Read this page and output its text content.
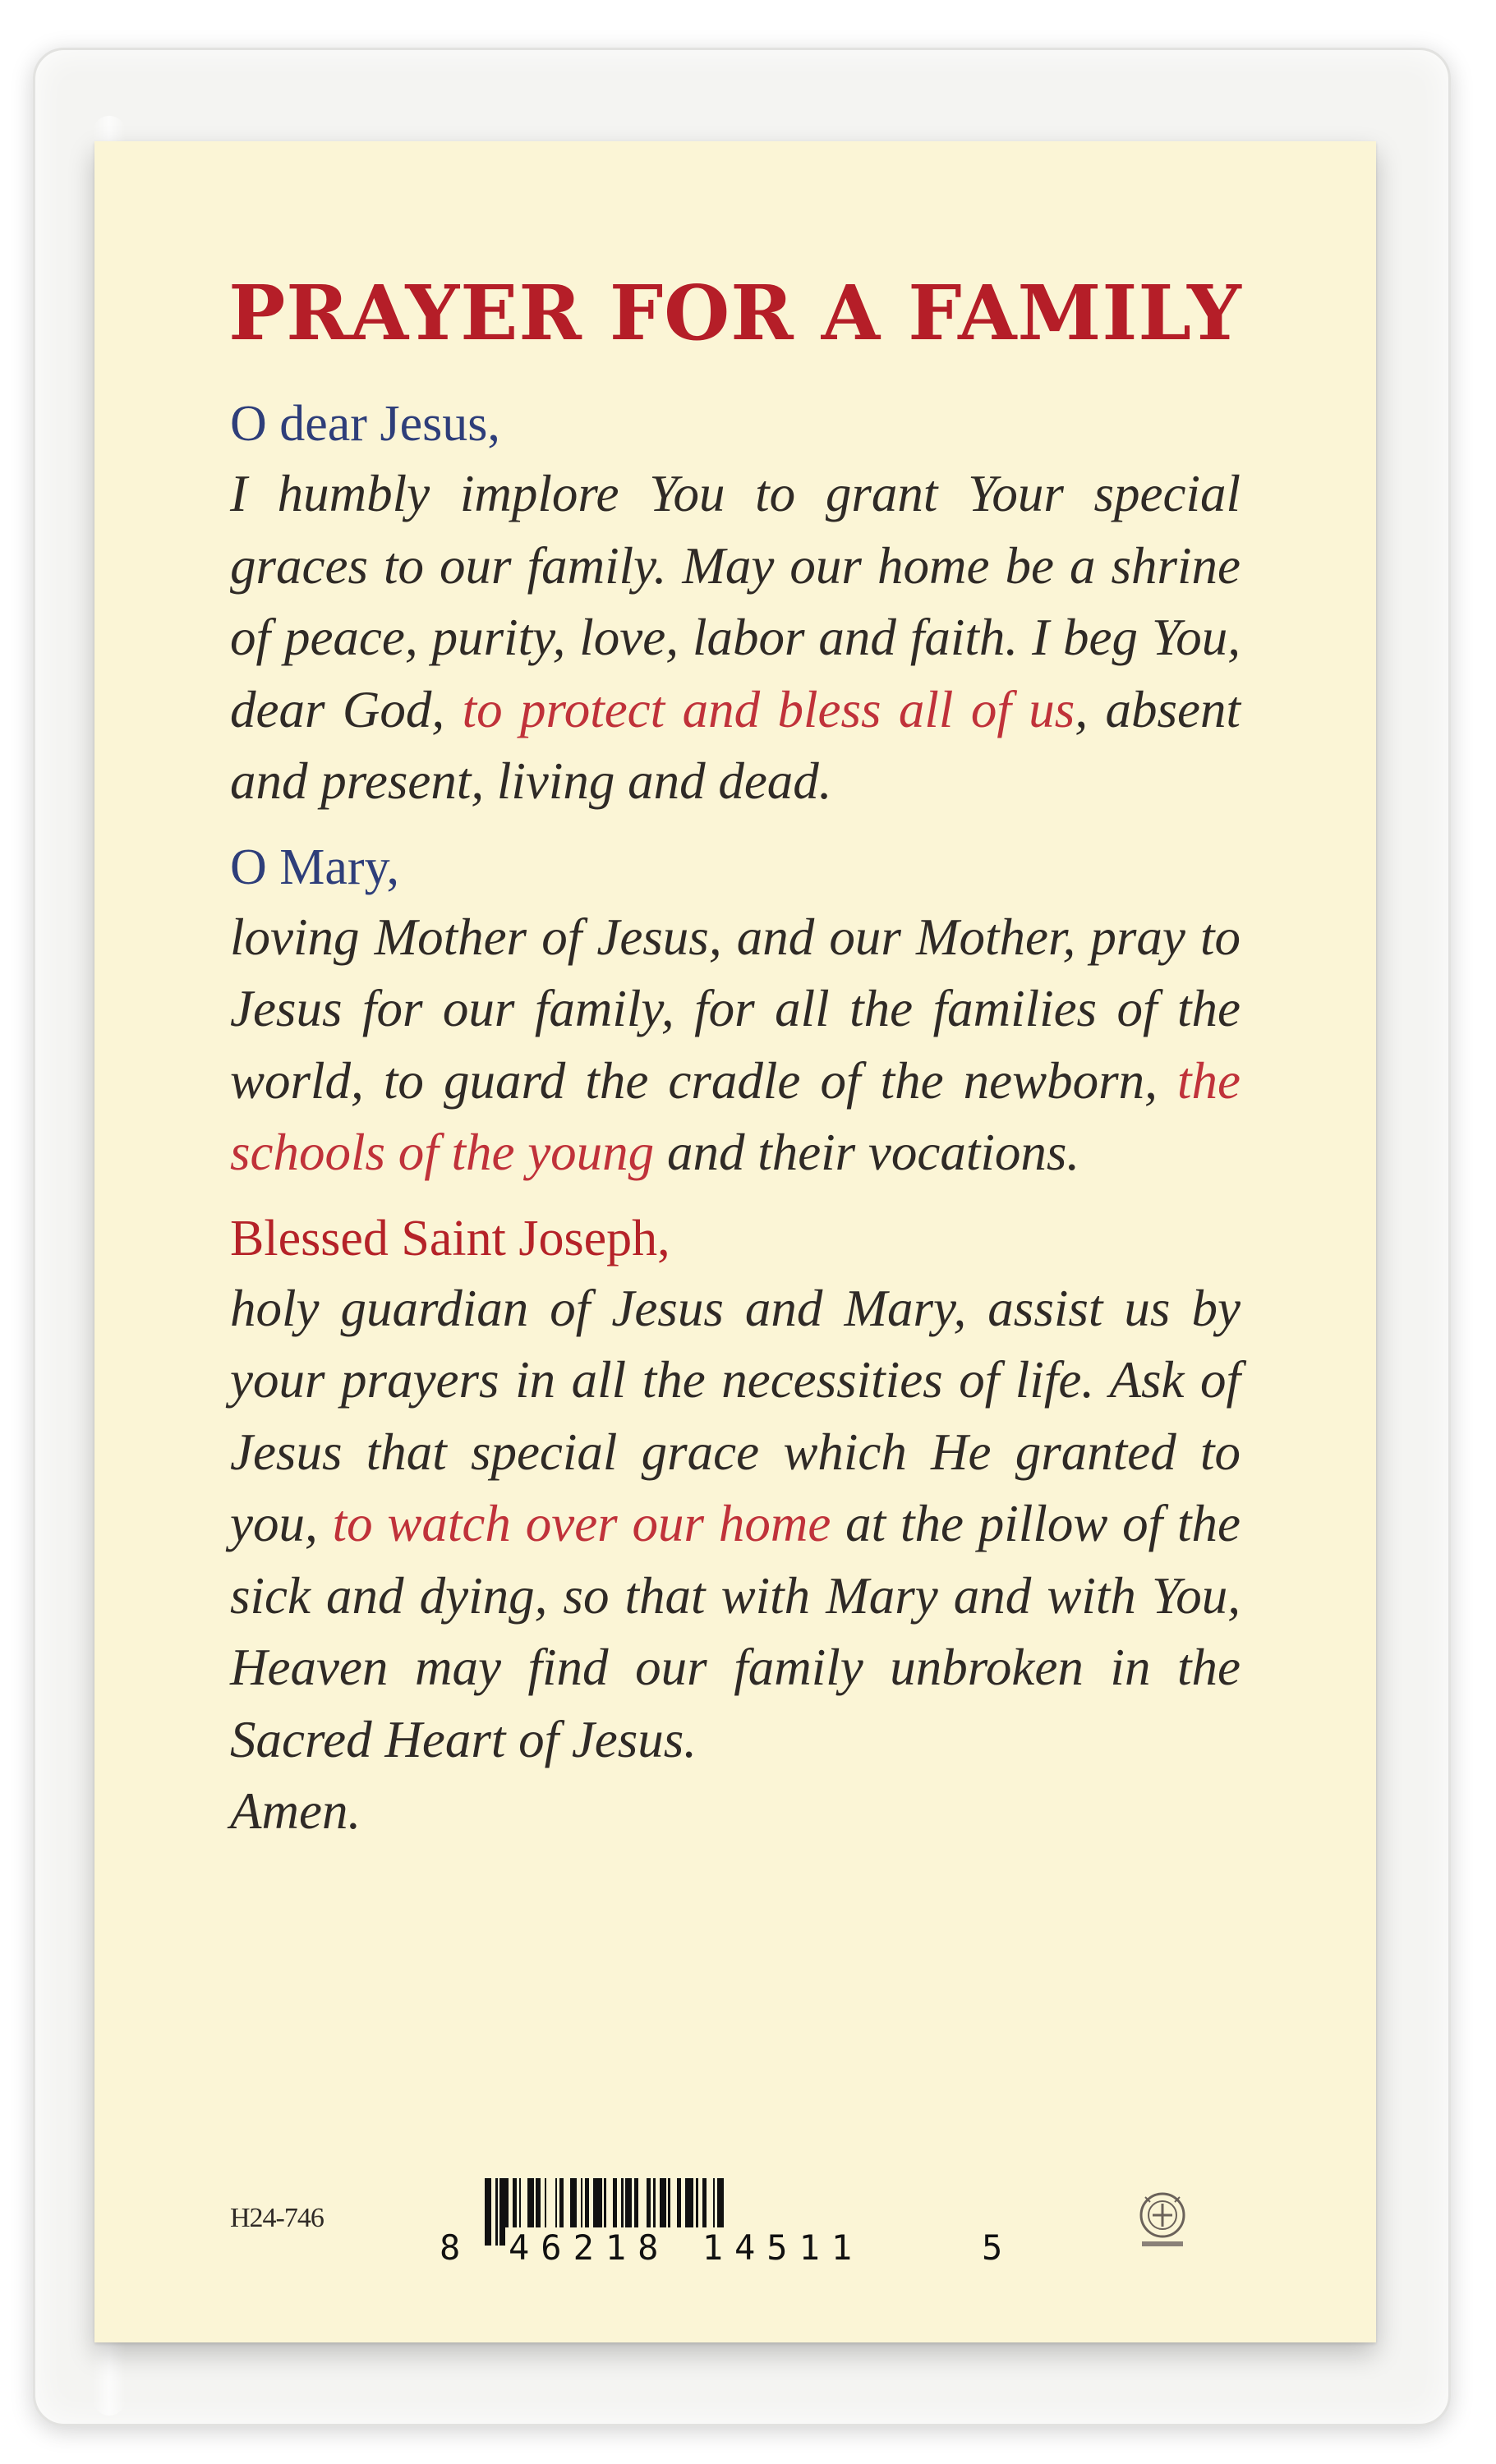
PRAYER FOR A FAMILY

O dear Jesus,

I humbly implore You to grant Your special graces to our family. May our home be a shrine of peace, purity, love, labor and faith. I beg You, dear God, to protect and bless all of us, absent and present, living and dead.

O Mary,

loving Mother of Jesus, and our Mother, pray to Jesus for our family, for all the families of the world, to guard the cradle of the newborn, the schools of the young and their vocations.

Blessed Saint Joseph,

holy guardian of Jesus and Mary, assist us by your prayers in all the necessities of life. Ask of Jesus that special grace which He granted to you, to watch over our home at the pillow of the sick and dying, so that with Mary and with You, Heaven may find our family unbroken in the Sacred Heart of Jesus.

Amen.

H24-746
8 46218 14511	5
